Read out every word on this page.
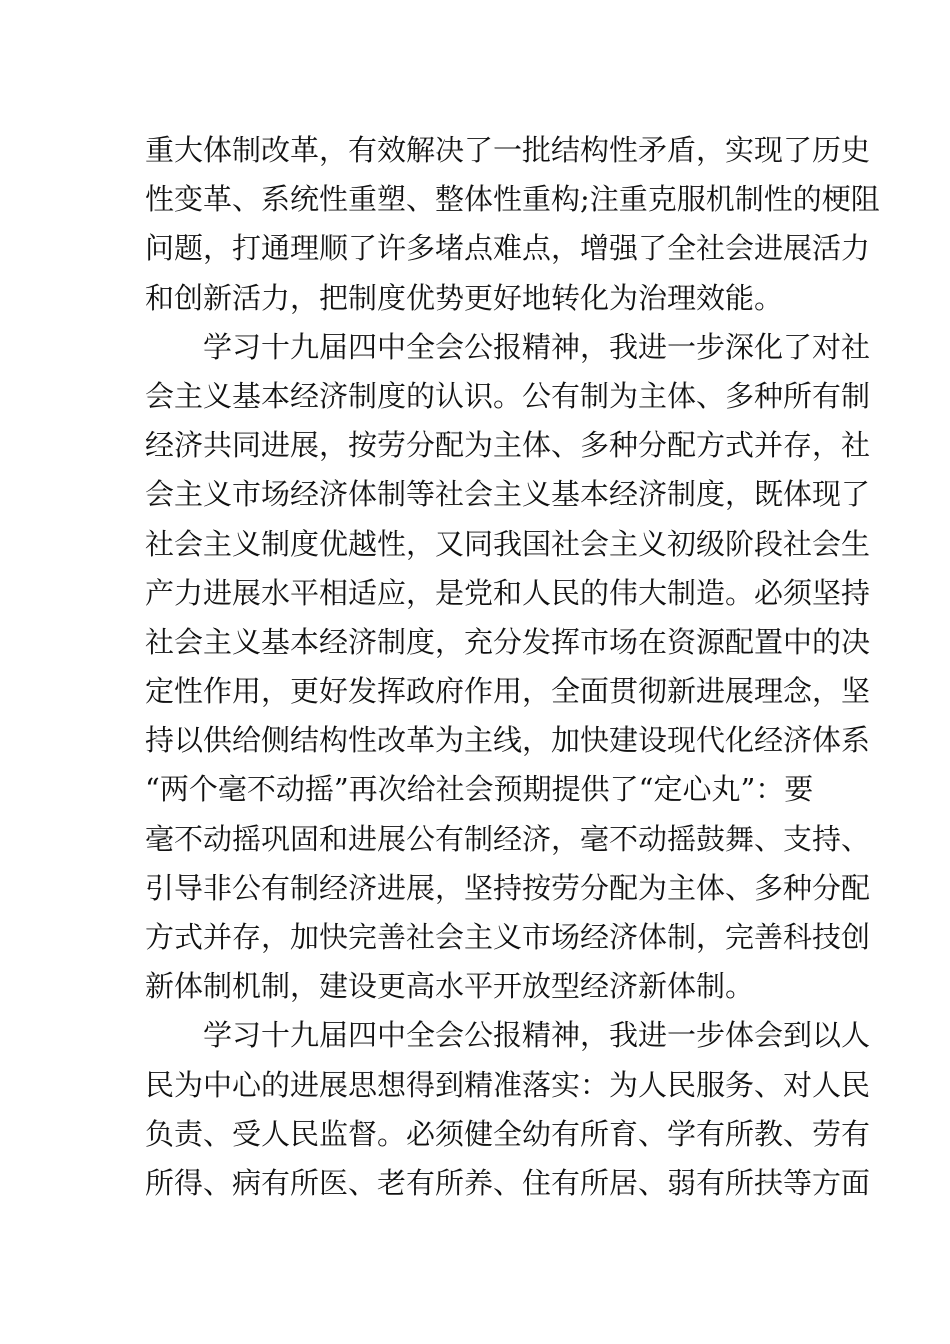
重大体制改革，有效解决了一批结构性矛盾，实现了历史
性变革、系统性重塑、整体性重构;注重克服机制性的梗阻
问题，打通理顺了许多堵点难点，增强了全社会进展活力
和创新活力，把制度优势更好地转化为治理效能。
学习十九届四中全会公报精神，我进一步深化了对社
会主义基本经济制度的认识。公有制为主体、多种所有制
经济共同进展，按劳分配为主体、多种分配方式并存，社
会主义市场经济体制等社会主义基本经济制度，既体现了
社会主义制度优越性，又同我国社会主义初级阶段社会生
产力进展水平相适应，是党和人民的伟大制造。必须坚持
社会主义基本经济制度，充分发挥市场在资源配置中的决
定性作用，更好发挥政府作用，全面贯彻新进展理念，坚
持以供给侧结构性改革为主线，加快建设现代化经济体系
“两个毫不动摇”再次给社会预期提供了“定心丸”：要
毫不动摇巩固和进展公有制经济，毫不动摇鼓舞、支持、
引导非公有制经济进展，坚持按劳分配为主体、多种分配
方式并存，加快完善社会主义市场经济体制，完善科技创
新体制机制，建设更高水平开放型经济新体制。
学习十九届四中全会公报精神，我进一步体会到以人
民为中心的进展思想得到精准落实：为人民服务、对人民
负责、受人民监督。必须健全幼有所育、学有所教、劳有
所得、病有所医、老有所养、住有所居、弱有所扶等方面
